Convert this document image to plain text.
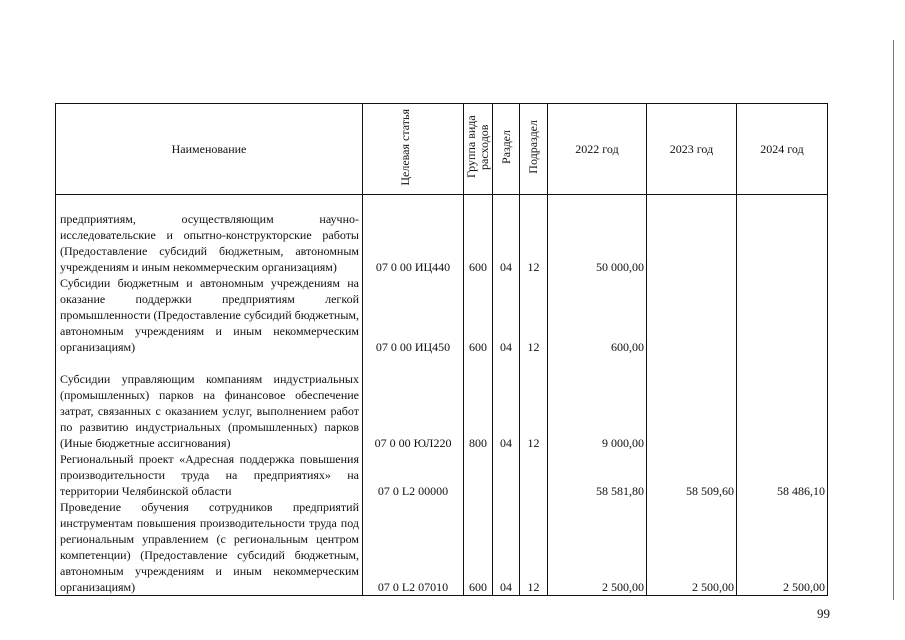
Наименование	Целевая статья	Группа вида расходов	Раздел	Подраздел	2022 год	2023 год	2024 год
предприятиям, осуществляющим научно-исследовательские и опытно-конструкторские работы (Предоставление субсидий бюджетным, автономным учреждениям и иным некоммерческим организациям)	07 0 00 ИЦ440	600	04	12	50 000,00		
Субсидии бюджетным и автономным учреждениям на оказание поддержки предприятиям легкой промышленности (Предоставление субсидий бюджетным, автономным учреждениям и иным некоммерческим организациям)	07 0 00 ИЦ450	600	04	12	600,00		
Субсидии управляющим компаниям индустриальных (промышленных) парков на финансовое обеспечение затрат, связанных с оказанием услуг, выполнением работ по развитию индустриальных (промышленных) парков (Иные бюджетные ассигнования)	07 0 00 ЮЛ220	800	04	12	9 000,00		
Региональный проект «Адресная поддержка повышения производительности труда на предприятиях» на территории Челябинской области	07 0 L2 00000				58 581,80	58 509,60	58 486,10
Проведение обучения сотрудников предприятий инструментам повышения производительности труда под региональным управлением (с региональным центром компетенции) (Предоставление субсидий бюджетным, автономным учреждениям и иным некоммерческим организациям)	07 0 L2 07010	600	04	12	2 500,00	2 500,00	2 500,00
99
